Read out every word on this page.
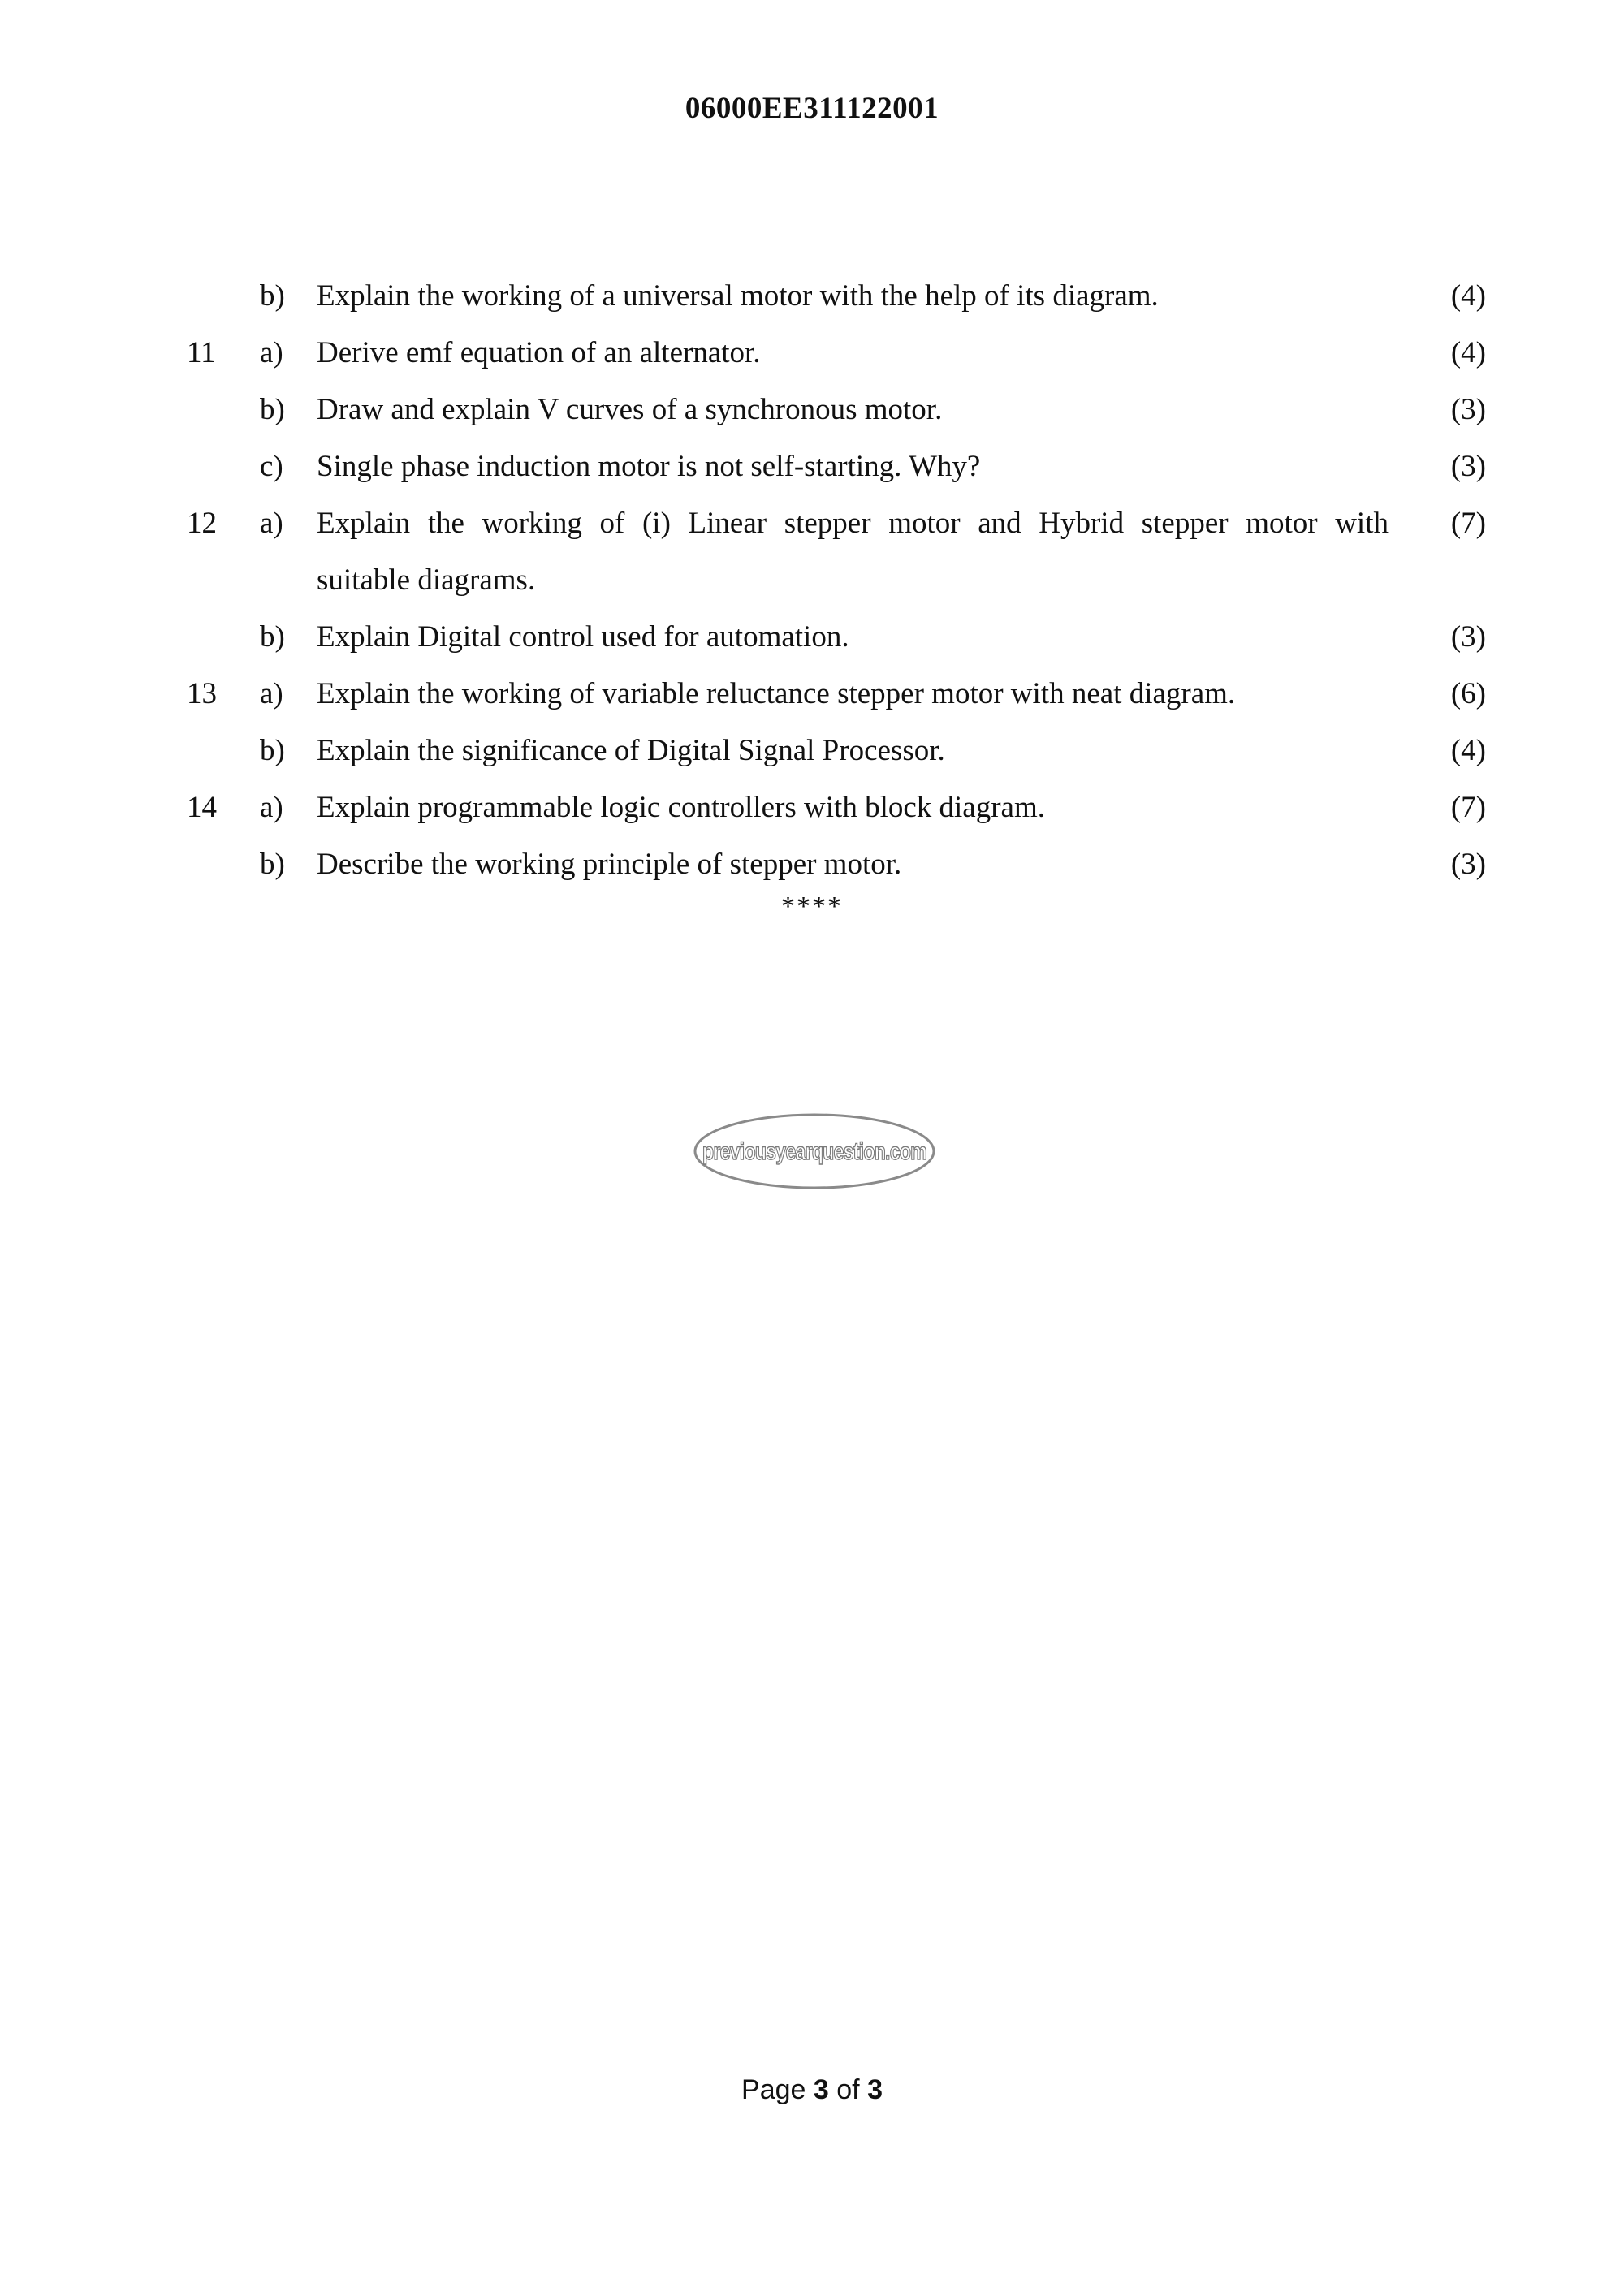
06000EE311122001
b)	Explain the working of a universal motor with the help of its diagram.	(4)
11	a)	Derive emf equation of an alternator.	(4)
b)	Draw and explain V curves of a synchronous motor.	(3)
c)	Single phase induction motor is not self-starting. Why?	(3)
12	a)	Explain the working of (i) Linear stepper motor and Hybrid stepper motor with	(7)
suitable diagrams.
b)	Explain Digital control used for automation.	(3)
13	a)	Explain the working of variable reluctance stepper motor with neat diagram.	(6)
b)	Explain the significance of Digital Signal Processor.	(4)
14	a)	Explain programmable logic controllers with block diagram.	(7)
b)	Describe the working principle of stepper motor.	(3)
****
previousyearquestion.com
Page 3 of 3
